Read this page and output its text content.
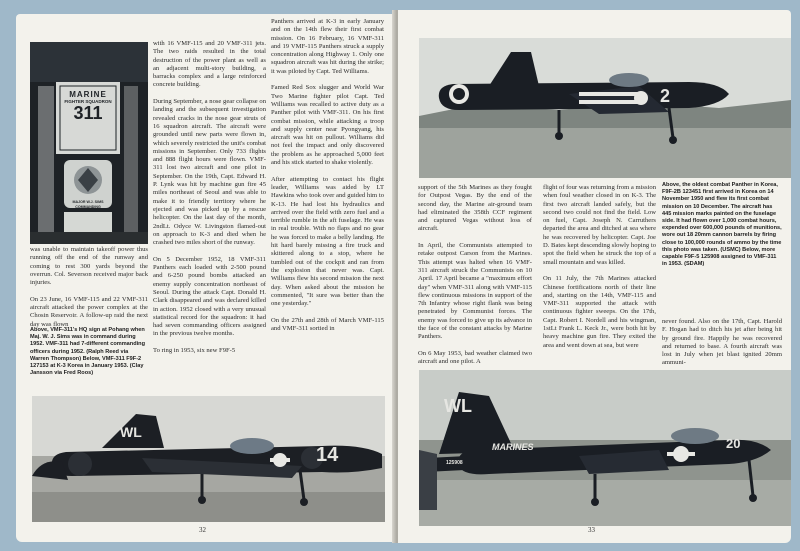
MARINE
FIGHTER SQUADRON
311
MAJOR W.J. SIMS
COMMANDING
was unable to maintain takeoff power thus running off the end of the runway and coming to rest 300 yards beyond the overrun. Col. Severson received major back injuries.

On 23 June, 16 VMF-115 and 22 VMF-311 aircraft attacked the power complex at the Chosin Reservoir. A follow-up raid the next day was flown
Above, VMF-311's HQ sign at Pohang when Maj. W. J. Sims was in command during 1952. VMF-311 had 7-different commanding officers during 1952. (Ralph Reed via Warren Thompson) Below, VMF-311 F9F-2 127153 at K-3 Korea in January 1953. (Clay Jansson via Fred Roos)
with 16 VMF-115 and 20 VMF-311 jets. The two raids resulted in the total destruction of the power plant as well as an adjacent multi-story building, a barracks complex and a large reinforced concrete building.

During September, a nose gear collapse on landing and the subsequent investigation revealed cracks in the nose gear struts of 16 squadron aircraft. The aircraft were grounded until new parts were flown in, which severely restricted the unit's combat missions in September. Only 733 flights and 888 flight hours were flown. VMF-311 lost two aircraft and one pilot in September. On the 19th, Capt. Edward H. P. Lynk was hit by machine gun fire 45 miles northeast of Seoul and was able to make it to friendly territory where he ejected and was picked up by a rescue helicopter. On the last day of the month, 2ndLt. Odyce W. Livingston flamed-out on approach to K-3 and died when he crashed two miles short of the runway.

On 5 December 1952, 18 VMF-311 Panthers each loaded with 2-500 pound and 6-250 pound bombs attacked an enemy supply concentration northeast of Seoul. During the attack Capt. Donald H. Clark disappeared and was declared killed in action. 1952 closed with a very unusual statistical record for the squadron: it had had seven commanding officers assigned in the previous twelve months.

To ring in 1953, six new F9F-5
Panthers arrived at K-3 in early January and on the 14th flew their first combat mission. On 16 February, 16 VMF-311 and 19 VMF-115 Panthers struck a supply concentration along Highway 1. Only one squadron aircraft was hit during the strike; it was piloted by Capt. Ted Williams.

Famed Red Sox slugger and World War Two Marine fighter pilot Capt. Ted Williams was recalled to active duty as a Panther pilot with VMF-311. On his first combat mission, while attacking a troop and supply center near Pyongyang, his aircraft was hit on pullout. Williams did not feel the impact and only discovered the problem as he approached 5,000 feet and his stick started to shake violently.

After attempting to contact his flight leader, Williams was aided by LT Hawkins who took over and guided him to K-13. He had lost his hydraulics and arrived over the field with zero fuel and a terrible rumble in the aft fuselage. He was in real trouble. With no flaps and no gear he was forced to make a belly landing. He hit hard barely missing a fire truck and skittered along to a stop, where he tumbled out of the cockpit and ran from the explosion that never was. Capt. Williams flew his second mission the next day. When asked about the mission he commented, "It sure was better than the one yesterday."

On the 27th and 28th of March VMF-115 and VMF-311 sortied in
WL
14
32
2
support of the 5th Marines as they fought for Outpost Vegas. By the end of the second day, the Marine air-ground team had eliminated the 358th CCF regiment and captured Vegas without loss of aircraft.

In April, the Communists attempted to retake outpost Carson from the Marines. This attempt was halted when 16 VMF-311 aircraft struck the Communists on 10 April. 17 April became a "maximum effort day" when VMF-311 along with VMF-115 flew continuous missions in support of the 7th Infantry whose right flank was being penetrated by Communist forces. The enemy was forced to give up its advance in the face of the constant attacks by Marine Panthers.

On 6 May 1953, bad weather claimed two aircraft and one pilot. A
flight of four was returning from a mission when foul weather closed in on K-3. The first two aircraft landed safely, but the second two could not find the field. Low on fuel, Capt. Joseph N. Carruthers departed the area and ditched at sea where he was recovered by helicopter. Capt. Joe D. Bates kept descending slowly hoping to spot the field when he struck the top of a small mountain and was killed.

On 11 July, the 7th Marines attacked Chinese fortifications north of their line and, starting on the 14th, VMF-115 and VMF-311 supported the attack with continuous fighter sweeps. On the 17th, Capt. Robert I. Nordell and his wingman, 1stLt Frank L. Keck Jr., were both hit by heavy machine gun fire. They exited the area and went down at sea, but were
Above, the oldest combat Panther in Korea, F9F-2B 123451 first arrived in Korea on 14 November 1950 and flew its first combat mission on 10 December. The aircraft has 445 mission marks painted on the fuselage side. It had flown over 1,000 combat hours, expended over 600,000 pounds of munitions, wore out 18 20mm cannon barrels by firing close to 100,000 rounds of ammo by the time this photo was taken. (USMC) Below, more capable F9F-5 125908 assigned to VMF-311 in 1953. (SDAM)
never found. Also on the 17th, Capt. Harold F. Hogan had to ditch his jet after being hit by ground fire. Happily he was recovered and returned to base. A fourth aircraft was lost in July when jet blast ignited 20mm ammuni-
WL
MARINES	20
125908
33
